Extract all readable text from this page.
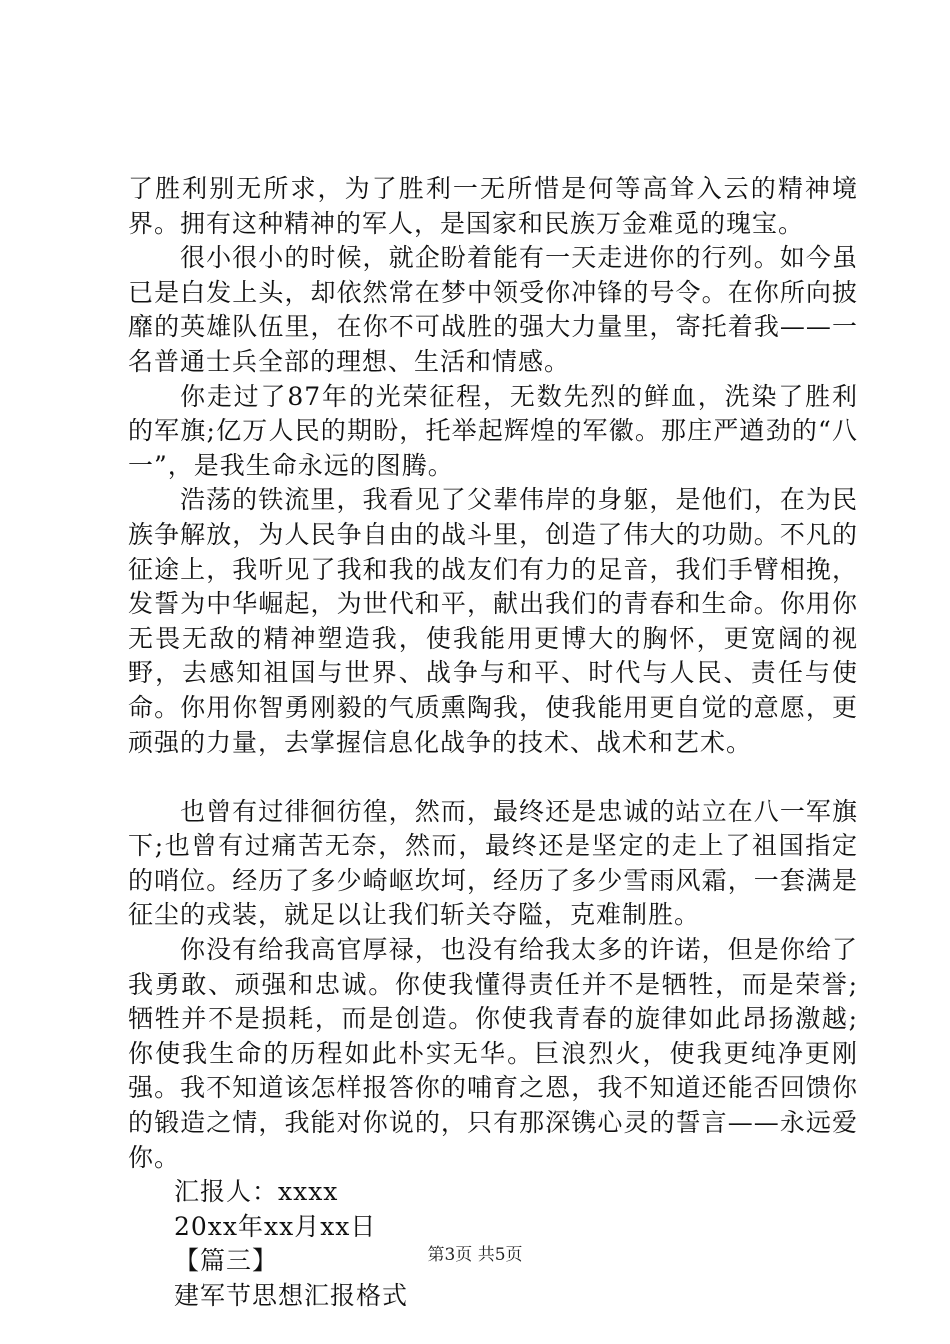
了胜利别无所求，为了胜利一无所惜是何等高耸入云的精神境界。拥有这种精神的军人，是国家和民族万金难觅的瑰宝。

很小很小的时候，就企盼着能有一天走进你的行列。如今虽已是白发上头，却依然常在梦中领受你冲锋的号令。在你所向披靡的英雄队伍里，在你不可战胜的强大力量里，寄托着我——一名普通士兵全部的理想、生活和情感。

你走过了87年的光荣征程，无数先烈的鲜血，洗染了胜利的军旗;亿万人民的期盼，托举起辉煌的军徽。那庄严遒劲的“八一”，是我生命永远的图腾。

浩荡的铁流里，我看见了父辈伟岸的身躯，是他们，在为民族争解放，为人民争自由的战斗里，创造了伟大的功勋。不凡的征途上，我听见了我和我的战友们有力的足音，我们手臂相挽，发誓为中华崛起，为世代和平，献出我们的青春和生命。你用你无畏无敌的精神塑造我，使我能用更博大的胸怀，更宽阔的视野，去感知祖国与世界、战争与和平、时代与人民、责任与使命。你用你智勇刚毅的气质熏陶我，使我能用更自觉的意愿，更顽强的力量，去掌握信息化战争的技术、战术和艺术。

也曾有过徘徊彷徨，然而，最终还是忠诚的站立在八一军旗下;也曾有过痛苦无奈，然而，最终还是坚定的走上了祖国指定的哨位。经历了多少崎岖坎坷，经历了多少雪雨风霜，一套满是征尘的戎装，就足以让我们斩关夺隘，克难制胜。

你没有给我高官厚禄，也没有给我太多的许诺，但是你给了我勇敢、顽强和忠诚。你使我懂得责任并不是牺牲，而是荣誉;牺牲并不是损耗，而是创造。你使我青春的旋律如此昂扬激越;你使我生命的历程如此朴实无华。巨浪烈火，使我更纯净更刚强。我不知道该怎样报答你的哺育之恩，我不知道还能否回馈你的锻造之情，我能对你说的，只有那深镌心灵的誓言——永远爱你。

汇报人：xxxx

20xx年xx月xx日

【篇三】

建军节思想汇报格式

第3页 共5页
